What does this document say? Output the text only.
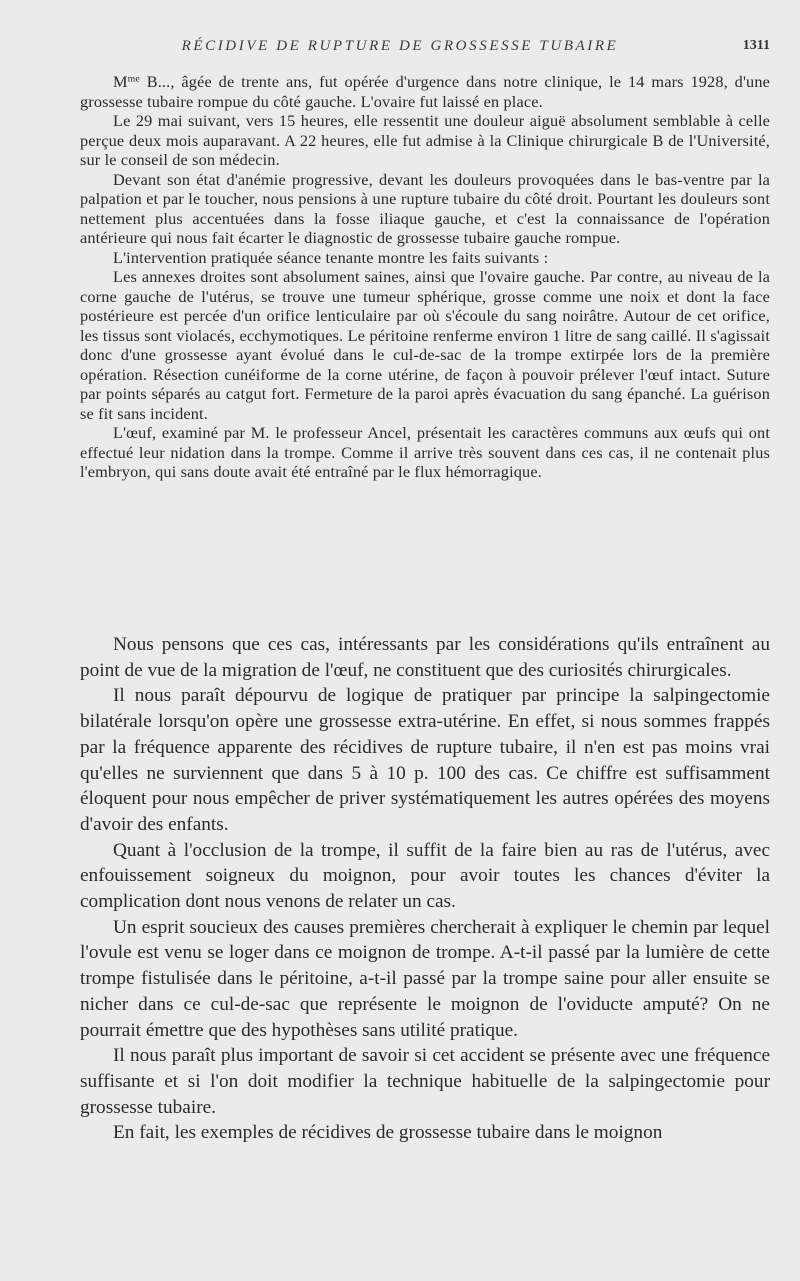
RÉCIDIVE DE RUPTURE DE GROSSESSE TUBAIRE	1311

$M^{me}$ B..., âgée de trente ans, fut opérée d'urgence dans notre clinique, le 14 mars 1928, d'une grossesse tubaire rompue du côté gauche. L'ovaire fut laissé en place.

Le 29 mai suivant, vers 15 heures, elle ressentit une douleur aiguë absolument semblable à celle perçue deux mois auparavant. A 22 heures, elle fut admise à la Clinique chirurgicale B de l'Université, sur le conseil de son médecin.

Devant son état d'anémie progressive, devant les douleurs provoquées dans le bas-ventre par la palpation et par le toucher, nous pensions à une rupture tubaire du côté droit. Pourtant les douleurs sont nettement plus accentuées dans la fosse iliaque gauche, et c'est la connaissance de l'opération antérieure qui nous fait écarter le diagnostic de grossesse tubaire gauche rompue.

L'intervention pratiquée séance tenante montre les faits suivants :

Les annexes droites sont absolument saines, ainsi que l'ovaire gauche. Par contre, au niveau de la corne gauche de l'utérus, se trouve une tumeur sphérique, grosse comme une noix et dont la face postérieure est percée d'un orifice lenticulaire par où s'écoule du sang noirâtre. Autour de cet orifice, les tissus sont violacés, ecchymotiques. Le péritoine renferme environ 1 litre de sang caillé. Il s'agissait donc d'une grossesse ayant évolué dans le cul-de-sac de la trompe extirpée lors de la première opération. Résection cunéiforme de la corne utérine, de façon à pouvoir prélever l'œuf intact. Suture par points séparés au catgut fort. Fermeture de la paroi après évacuation du sang épanché. La guérison se fit sans incident.

L'œuf, examiné par M. le professeur Ancel, présentait les caractères communs aux œufs qui ont effectué leur nidation dans la trompe. Comme il arrive très souvent dans ces cas, il ne contenait plus l'embryon, qui sans doute avait été entraîné par le flux hémorragique.

Nous pensons que ces cas, intéressants par les considérations qu'ils entraînent au point de vue de la migration de l'œuf, ne constituent que des curiosités chirurgicales.

Il nous paraît dépourvu de logique de pratiquer par principe la salpingectomie bilatérale lorsqu'on opère une grossesse extra-utérine. En effet, si nous sommes frappés par la fréquence apparente des récidives de rupture tubaire, il n'en est pas moins vrai qu'elles ne surviennent que dans 5 à 10 p. 100 des cas. Ce chiffre est suffisamment éloquent pour nous empêcher de priver systématiquement les autres opérées des moyens d'avoir des enfants.

Quant à l'occlusion de la trompe, il suffit de la faire bien au ras de l'utérus, avec enfouissement soigneux du moignon, pour avoir toutes les chances d'éviter la complication dont nous venons de relater un cas.

Un esprit soucieux des causes premières chercherait à expliquer le chemin par lequel l'ovule est venu se loger dans ce moignon de trompe. A-t-il passé par la lumière de cette trompe fistulisée dans le péritoine, a-t-il passé par la trompe saine pour aller ensuite se nicher dans ce cul-de-sac que représente le moignon de l'oviducte amputé? On ne pourrait émettre que des hypothèses sans utilité pratique.

Il nous paraît plus important de savoir si cet accident se présente avec une fréquence suffisante et si l'on doit modifier la technique habituelle de la salpingectomie pour grossesse tubaire.

En fait, les exemples de récidives de grossesse tubaire dans le moignon
